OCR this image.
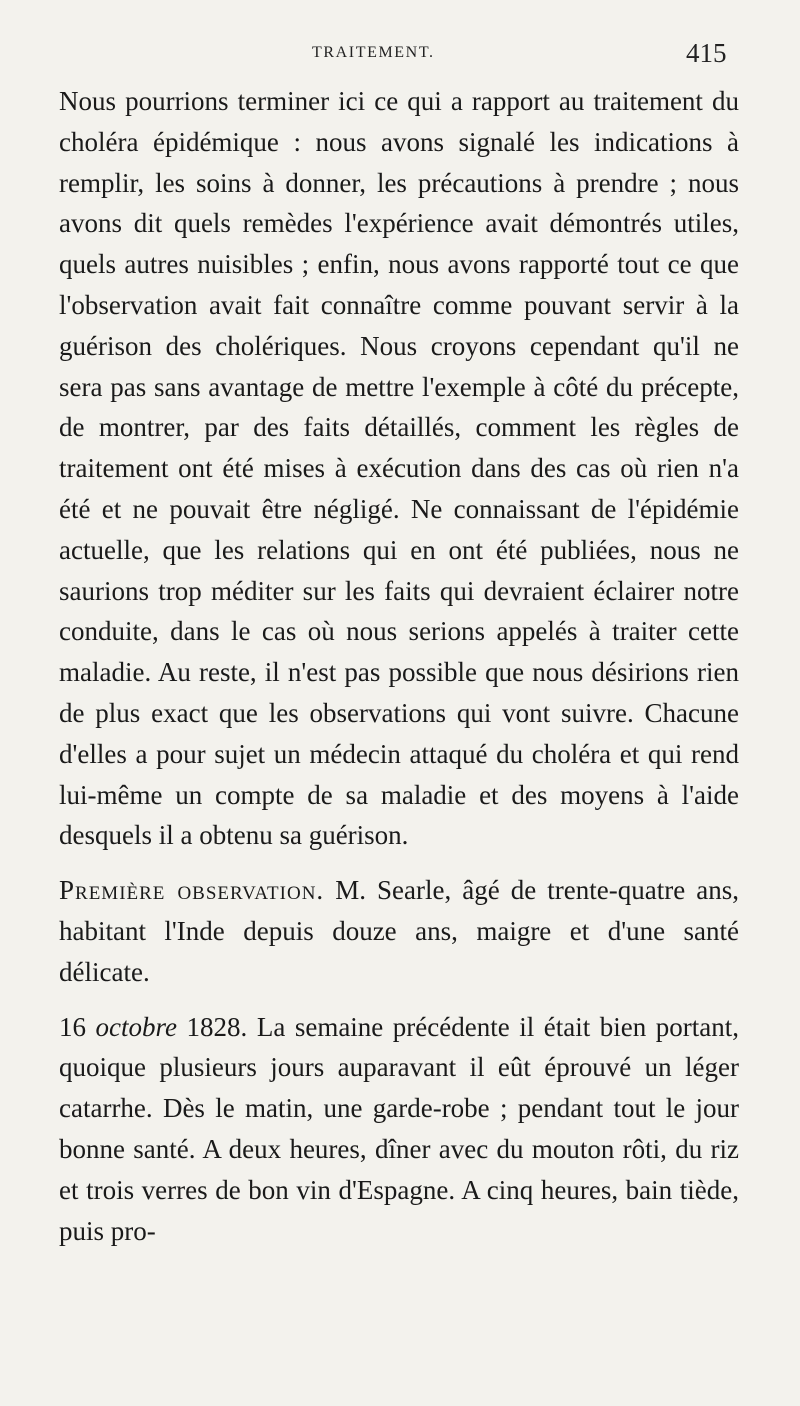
TRAITEMENT.	415

Nous pourrions terminer ici ce qui a rapport au traitement du choléra épidémique : nous avons signalé les indications à remplir, les soins à donner, les précautions à prendre ; nous avons dit quels remèdes l'expérience avait démontrés utiles, quels autres nuisibles ; enfin, nous avons rapporté tout ce que l'observation avait fait connaître comme pouvant servir à la guérison des cholériques. Nous croyons cependant qu'il ne sera pas sans avantage de mettre l'exemple à côté du précepte, de montrer, par des faits détaillés, comment les règles de traitement ont été mises à exécution dans des cas où rien n'a été et ne pouvait être négligé. Ne connaissant de l'épidémie actuelle, que les relations qui en ont été publiées, nous ne saurions trop méditer sur les faits qui devraient éclairer notre conduite, dans le cas où nous serions appelés à traiter cette maladie. Au reste, il n'est pas possible que nous désirions rien de plus exact que les observations qui vont suivre. Chacune d'elles a pour sujet un médecin attaqué du choléra et qui rend lui-même un compte de sa maladie et des moyens à l'aide desquels il a obtenu sa guérison.

Première observation. M. Searle, âgé de trente-quatre ans, habitant l'Inde depuis douze ans, maigre et d'une santé délicate.

16 octobre 1828. La semaine précédente il était bien portant, quoique plusieurs jours auparavant il eût éprouvé un léger catarrhe. Dès le matin, une garde-robe ; pendant tout le jour bonne santé. A deux heures, dîner avec du mouton rôti, du riz et trois verres de bon vin d'Espagne. A cinq heures, bain tiède, puis pro-
